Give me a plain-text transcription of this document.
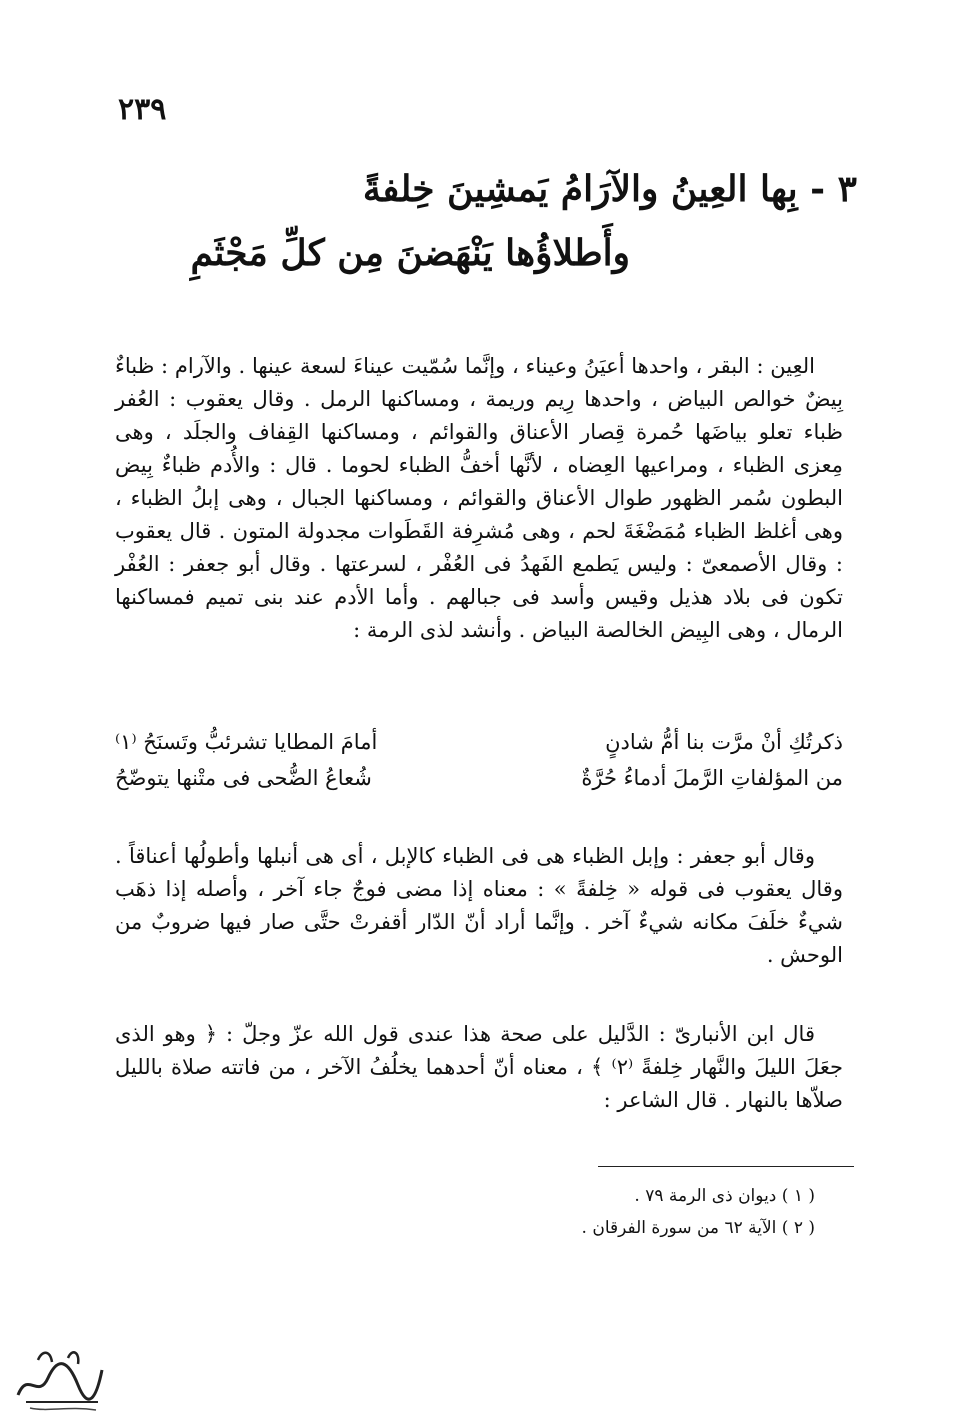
٢٣٩
٣ - بِها العِينُ والآرَامُ يَمشِينَ خِلفةً
وأَطلاؤُها يَنْهَضنَ مِن كلِّ مَجْثَمِ

العِين : البقر ، واحدها أعيَنُ وعيناء ، وإنَّما سُمّيت عيناءَ لسعة عينها . والآرام : ظباءٌ بِيضٌ خوالص البياض ، واحدها رِيم وريمة ، ومساكنها الرمل . وقال يعقوب : العُفر ظباء تعلو بياضَها حُمرة قِصار الأعناق والقوائم ، ومساكنها القِفاف والجلَد ، وهى مِعزى الظباء ، ومراعيها العِضاه ، لأنَّها أخفُّ الظباء لحوما . قال : والأُدم ظباءٌ بِيض البطون سُمر الظهور طوال الأعناق والقوائم ، ومساكنها الجبال ، وهى إبلُ الظباء ، وهى أغلظ الظباء مُمَضْغَةَ لحم ، وهى مُشرِفة القَطَوات مجدولة المتون . قال يعقوب : وقال الأصمعىّ : وليس يَطمع الفَهدُ فى العُفْر ، لسرعتها . وقال أبو جعفر : العُفْر تكون فى بلاد هذيل وقيس وأسد فى جبالهم . وأما الأدم عند بنى تميم فمساكنها الرمال ، وهى البِيض الخالصة البياض . وأنشد لذى الرمة :

ذكرتُكِ أنْ مرَّت بنا أمُّ شادنٍ
أمامَ المطايا تشرئبُّ وتَسنَحُ ⁽١⁾
من المؤلفاتِ الرَّملَ أدماءُ حُرَّةٌ
شُعاعُ الضُّحى فى متْنها يتوضّحُ

وقال أبو جعفر : وإبل الظباء هى فى الظباء كالإبل ، أى هى أنبلها وأطولُها أعناقاً . وقال يعقوب فى قوله « خِلفةً » : معناه إذا مضى فوجٌ جاء آخر ، وأصله إذا ذهَب شيءٌ خلَفَ مكانه شيءٌ آخر . وإنَّما أراد أنّ الدّار أقفرتْ حتَّى صار فيها ضروبٌ من الوحش .

قال ابن الأنبارىّ : الدَّليل على صحة هذا عندى قول الله عزّ وجلّ : ﴿ وهو الذى جعَلَ الليلَ والنَّهار خِلفةً ⁽٢⁾ ﴾ ، معناه أنّ أحدهما يخلُفُ الآخر ، من فاتته صلاة بالليل صلاّها بالنهار . قال الشاعر :

( ١ ) ديوان ذى الرمة ٧٩ .
( ٢ ) الآية ٦٢ من سورة الفرقان .
